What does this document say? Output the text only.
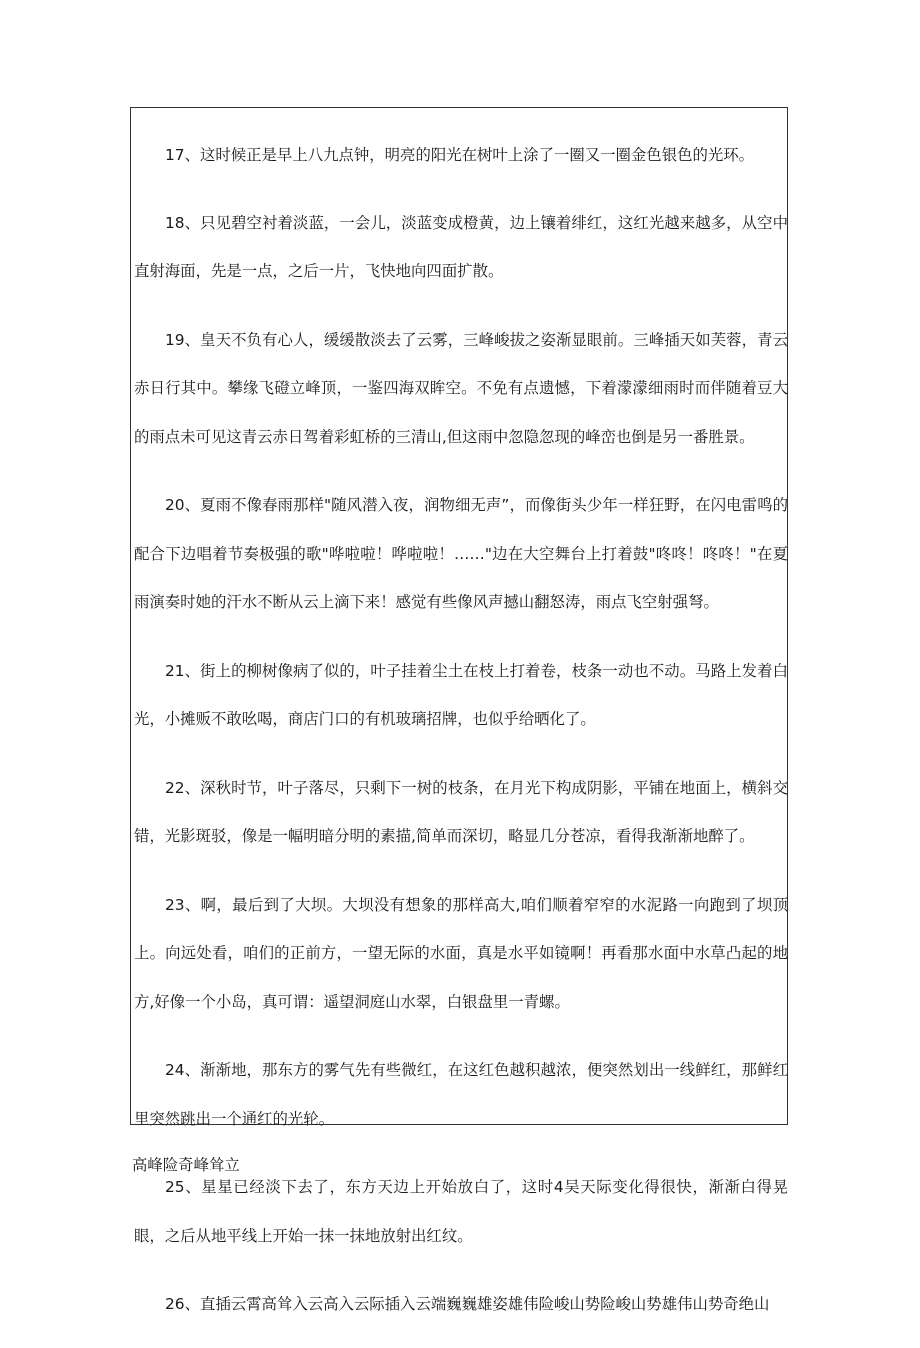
17、这时候正是早上八九点钟，明亮的阳光在树叶上涂了一圈又一圈金色银色的光环。

18、只见碧空衬着淡蓝，一会儿，淡蓝变成橙黄，边上镶着绯红，这红光越来越多，从空中直射海面，先是一点，之后一片，飞快地向四面扩散。

19、皇天不负有心人，缓缓散淡去了云雾，三峰峻拔之姿渐显眼前。三峰插天如芙蓉，青云赤日行其中。攀缘飞磴立峰顶，一鉴四海双眸空。不免有点遗憾，下着濛濛细雨时而伴随着豆大的雨点未可见这青云赤日驾着彩虹桥的三清山,但这雨中忽隐忽现的峰峦也倒是另一番胜景。

20、夏雨不像春雨那样"随风潜入夜，润物细无声”，而像街头少年一样狂野，在闪电雷鸣的配合下边唱着节奏极强的歌"哗啦啦！哗啦啦！……"边在大空舞台上打着鼓"咚咚！咚咚！"在夏雨演奏时她的汗水不断从云上滴下来！感觉有些像风声撼山翻怒涛，雨点飞空射强弩。

21、街上的柳树像病了似的，叶子挂着尘土在枝上打着卷，枝条一动也不动。马路上发着白光，小摊贩不敢吆喝，商店门口的有机玻璃招牌，也似乎给晒化了。

22、深秋时节，叶子落尽，只剩下一树的枝条，在月光下构成阴影，平铺在地面上，横斜交错，光影斑驳，像是一幅明暗分明的素描,简单而深切，略显几分苍凉，看得我渐渐地醉了。

23、啊，最后到了大坝。大坝没有想象的那样高大,咱们顺着窄窄的水泥路一向跑到了坝顶上。向远处看，咱们的正前方，一望无际的水面，真是水平如镜啊！再看那水面中水草凸起的地方,好像一个小岛，真可谓：遥望洞庭山水翠，白银盘里一青螺。

24、渐渐地，那东方的雾气先有些微红，在这红色越积越浓，便突然划出一线鲜红，那鲜红里突然跳出一个通红的光轮。

25、星星已经淡下去了，东方天边上开始放白了，这时4吴天际变化得很快，渐渐白得晃眼，之后从地平线上开始一抹一抹地放射出红纹。

26、直插云霄高耸入云高入云际插入云端巍巍雄姿雄伟险峻山势险峻山势雄伟山势奇绝山

高峰险奇峰耸立
